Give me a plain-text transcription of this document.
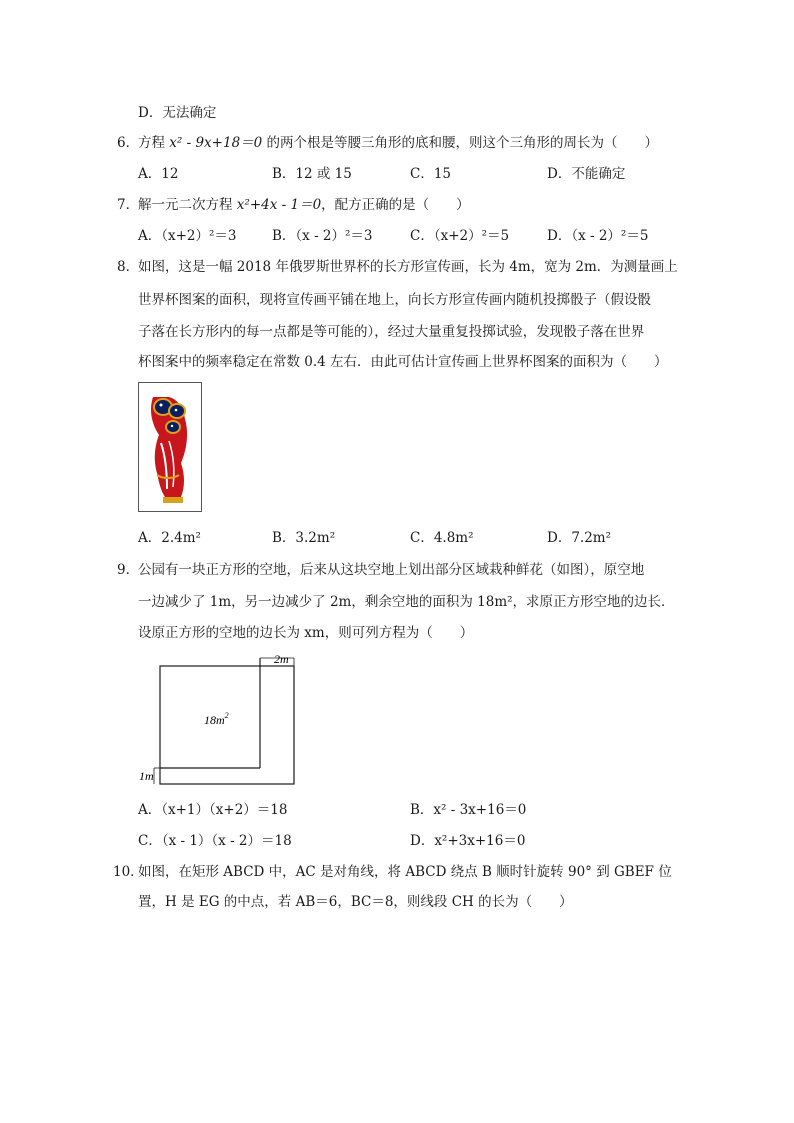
D．无法确定
6．
方程 x² - 9x+18＝0 的两个根是等腰三角形的底和腰，则这个三角形的周长为（　　）
A．12	B．12 或 15	C．15	D．不能确定
7．
解一元二次方程 x²+4x - 1＝0，配方正确的是（　　）
A．（x+2）²＝3	B．（x - 2）²＝3	C．（x+2）²＝5	D．（x - 2）²＝5
8．
如图，这是一幅 2018 年俄罗斯世界杯的长方形宣传画，长为 4m，宽为 2m．为测量画上
世界杯图案的面积，现将宣传画平铺在地上，向长方形宣传画内随机投掷骰子（假设骰
子落在长方形内的每一点都是等可能的），经过大量重复投掷试验，发现骰子落在世界
杯图案中的频率稳定在常数 0.4 左右．由此可估计宣传画上世界杯图案的面积为（　　）
A．2.4m²	B．3.2m²	C．4.8m²	D．7.2m²
9．
公园有一块正方形的空地，后来从这块空地上划出部分区域栽种鲜花（如图），原空地
一边减少了 1m，另一边减少了 2m，剩余空地的面积为 18m²，求原正方形空地的边长．
设原正方形的空地的边长为 xm，则可列方程为（　　）
2m
$18m^2$
1m
A．（x+1）（x+2）＝18	B．x² - 3x+16＝0
C．（x - 1）（x - 2）＝18	D．x²+3x+16＝0
10．
如图，在矩形 ABCD 中，AC 是对角线，将 ABCD 绕点 B 顺时针旋转 90° 到 GBEF 位
置，H 是 EG 的中点，若 AB＝6，BC＝8，则线段 CH 的长为（　　）
